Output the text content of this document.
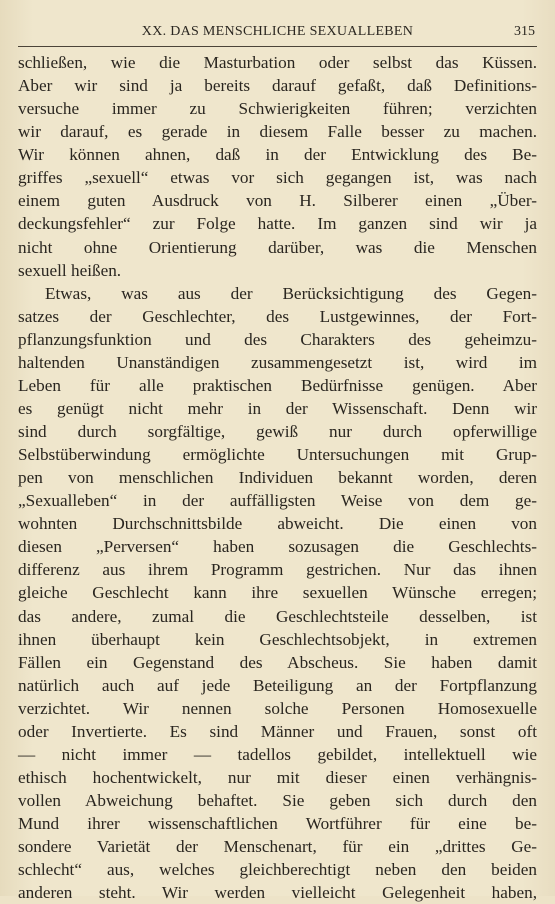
XX. DAS MENSCHLICHE SEXUALLEBEN	315
schließen, wie die Masturbation oder selbst das Küssen.
Aber wir sind ja bereits darauf gefaßt, daß Definitions-
versuche immer zu Schwierigkeiten führen; verzichten
wir darauf, es gerade in diesem Falle besser zu machen.
Wir können ahnen, daß in der Entwicklung des Be-
griffes „sexuell“ etwas vor sich gegangen ist, was nach
einem guten Ausdruck von H. Silberer einen „Über-
deckungsfehler“ zur Folge hatte. Im ganzen sind wir ja
nicht ohne Orientierung darüber, was die Menschen
sexuell heißen.
Etwas, was aus der Berücksichtigung des Gegen-
satzes der Geschlechter, des Lustgewinnes, der Fort-
pflanzungsfunktion und des Charakters des geheimzu-
haltenden Unanständigen zusammengesetzt ist, wird im
Leben für alle praktischen Bedürfnisse genügen. Aber
es genügt nicht mehr in der Wissenschaft. Denn wir
sind durch sorgfältige, gewiß nur durch opferwillige
Selbstüberwindung ermöglichte Untersuchungen mit Grup-
pen von menschlichen Individuen bekannt worden, deren
„Sexualleben“ in der auffälligsten Weise von dem ge-
wohnten Durchschnittsbilde abweicht. Die einen von
diesen „Perversen“ haben sozusagen die Geschlechts-
differenz aus ihrem Programm gestrichen. Nur das ihnen
gleiche Geschlecht kann ihre sexuellen Wünsche erregen;
das andere, zumal die Geschlechtsteile desselben, ist
ihnen überhaupt kein Geschlechtsobjekt, in extremen
Fällen ein Gegenstand des Abscheus. Sie haben damit
natürlich auch auf jede Beteiligung an der Fortpflanzung
verzichtet. Wir nennen solche Personen Homosexuelle
oder Invertierte. Es sind Männer und Frauen, sonst oft
— nicht immer — tadellos gebildet, intellektuell wie
ethisch hochentwickelt, nur mit dieser einen verhängnis-
vollen Abweichung behaftet. Sie geben sich durch den
Mund ihrer wissenschaftlichen Wortführer für eine be-
sondere Varietät der Menschenart, für ein „drittes Ge-
schlecht“ aus, welches gleichberechtigt neben den beiden
anderen steht. Wir werden vielleicht Gelegenheit haben,
